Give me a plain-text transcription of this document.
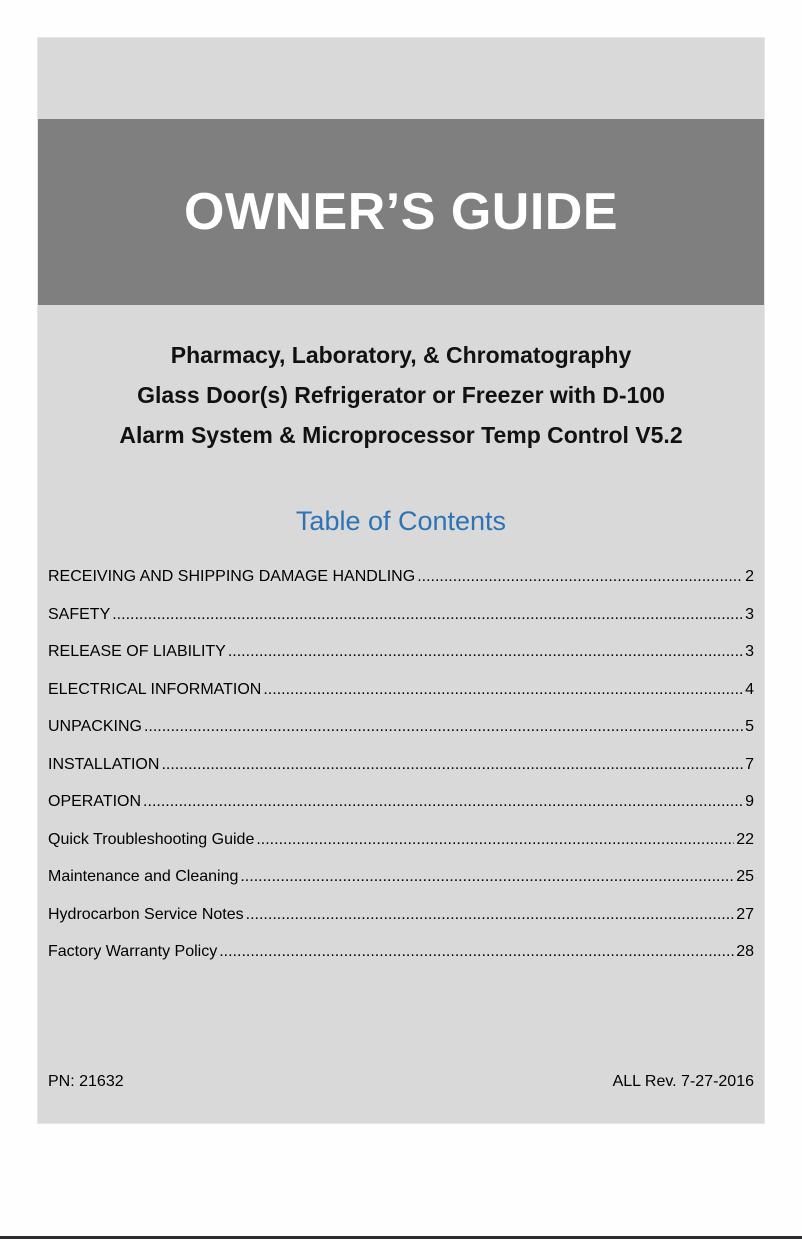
OWNER’S GUIDE
Pharmacy, Laboratory, & Chromatography
Glass Door(s) Refrigerator or Freezer with D-100
Alarm System & Microprocessor Temp Control V5.2
Table of Contents
RECEIVING AND SHIPPING DAMAGE HANDLING .....	2
SAFETY .....	3
RELEASE OF LIABILITY .....	3
ELECTRICAL INFORMATION .....	4
UNPACKING .....	5
INSTALLATION .....	7
OPERATION .....	9
Quick Troubleshooting Guide .....	22
Maintenance and Cleaning .....	25
Hydrocarbon Service Notes .....	27
Factory Warranty Policy .....	28
PN: 21632	ALL Rev. 7-27-2016
